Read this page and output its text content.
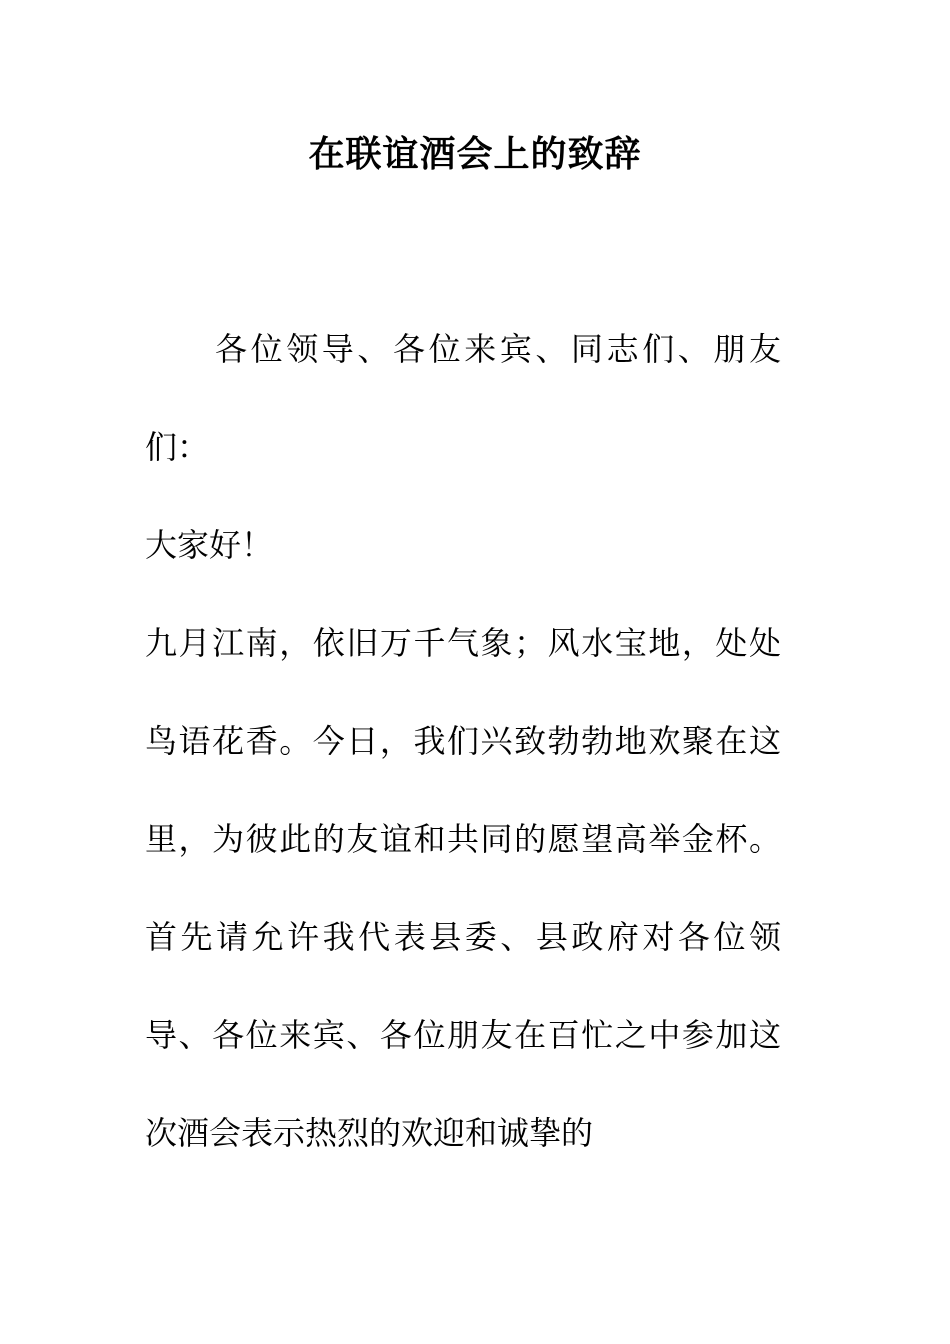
在联谊酒会上的致辞

各位领导、各位来宾、同志们、朋友们：

大家好！

九月江南，依旧万千气象；风水宝地，处处鸟语花香。今日，我们兴致勃勃地欢聚在这里，为彼此的友谊和共同的愿望高举金杯。首先请允许我代表县委、县政府对各位领导、各位来宾、各位朋友在百忙之中参加这次酒会表示热烈的欢迎和诚挚的
